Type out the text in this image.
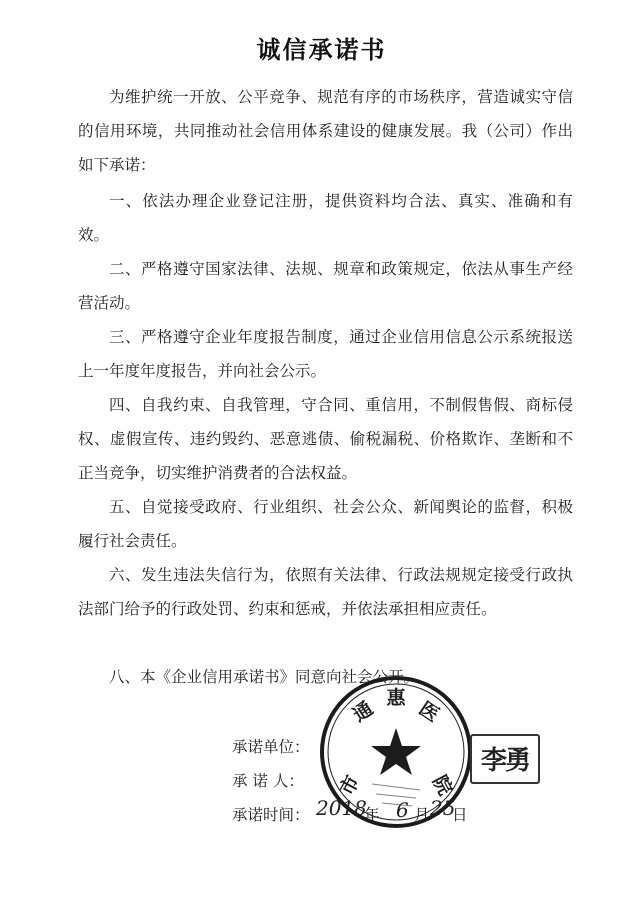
诚信承诺书

为维护统一开放、公平竞争、规范有序的市场秩序，营造诚实守信的信用环境，共同推动社会信用体系建设的健康发展。我（公司）作出如下承诺：

一、依法办理企业登记注册，提供资料均合法、真实、准确和有效。

二、严格遵守国家法律、法规、规章和政策规定，依法从事生产经营活动。

三、严格遵守企业年度报告制度，通过企业信用信息公示系统报送上一年度年度报告，并向社会公示。

四、自我约束、自我管理，守合同、重信用，不制假售假、商标侵权、虚假宣传、违约毁约、恶意逃债、偷税漏税、价格欺诈、垄断和不正当竞争，切实维护消费者的合法权益。

五、自觉接受政府、行业组织、社会公众、新闻舆论的监督，积极履行社会责任。

六、发生违法失信行为，依照有关法律、行政法规规定接受行政执法部门给予的行政处罚、约束和惩戒，并依法承担相应责任。

八、本《企业信用承诺书》同意向社会公开。

承诺单位：
承 诺 人：
承诺时间： 2018
年 6 月 25
日
市
通 惠 医
院
李勇
